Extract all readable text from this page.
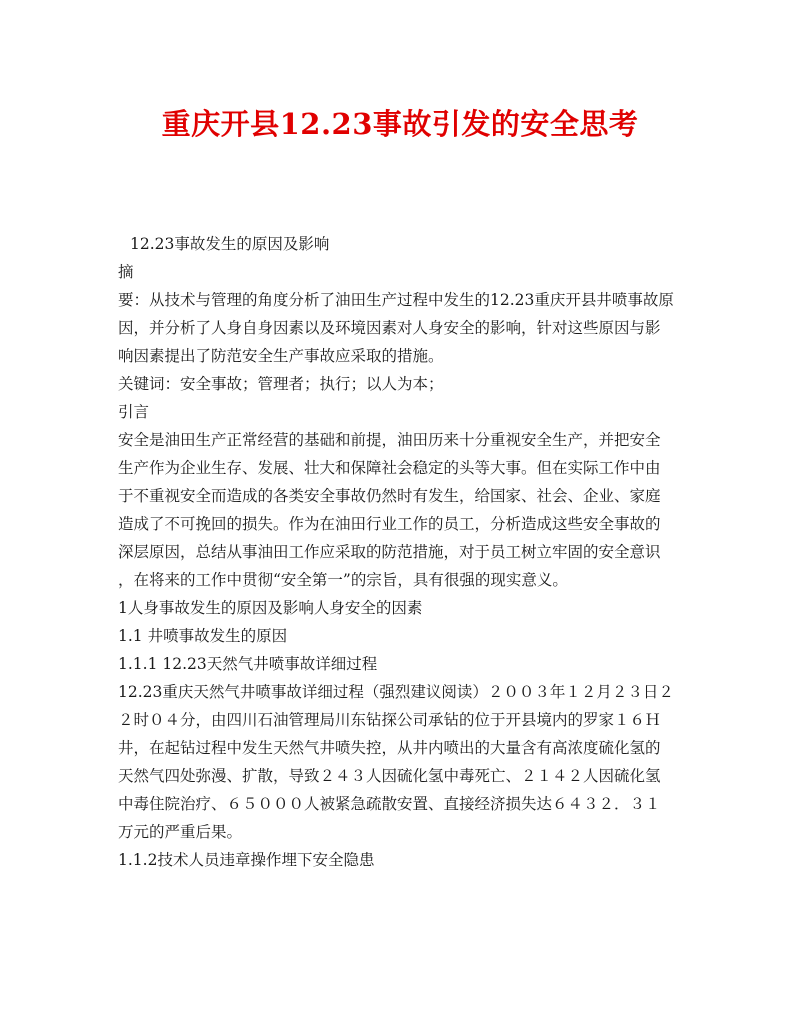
重庆开县12.23事故引发的安全思考
12.23事故发生的原因及影响
摘
要：从技术与管理的角度分析了油田生产过程中发生的12.23重庆开县井喷事故原
因，并分析了人身自身因素以及环境因素对人身安全的影响，针对这些原因与影
响因素提出了防范安全生产事故应采取的措施。
关键词：安全事故；管理者；执行；以人为本；
引言
安全是油田生产正常经营的基础和前提，油田历来十分重视安全生产，并把安全
生产作为企业生存、发展、壮大和保障社会稳定的头等大事。但在实际工作中由
于不重视安全而造成的各类安全事故仍然时有发生，给国家、社会、企业、家庭
造成了不可挽回的损失。作为在油田行业工作的员工，分析造成这些安全事故的
深层原因，总结从事油田工作应采取的防范措施，对于员工树立牢固的安全意识
，在将来的工作中贯彻“安全第一”的宗旨，具有很强的现实意义。
1人身事故发生的原因及影响人身安全的因素
1.1 井喷事故发生的原因
1.1.1 12.23天然气井喷事故详细过程
12.23重庆天然气井喷事故详细过程（强烈建议阅读）２００３年１２月２３日２
２时０４分，由四川石油管理局川东钻探公司承钻的位于开县境内的罗家１６Ｈ
井，在起钻过程中发生天然气井喷失控，从井内喷出的大量含有高浓度硫化氢的
天然气四处弥漫、扩散，导致２４３人因硫化氢中毒死亡、２１４２人因硫化氢
中毒住院治疗、６５０００人被紧急疏散安置、直接经济损失达６４３２．３１
万元的严重后果。
1.1.2技术人员违章操作埋下安全隐患
